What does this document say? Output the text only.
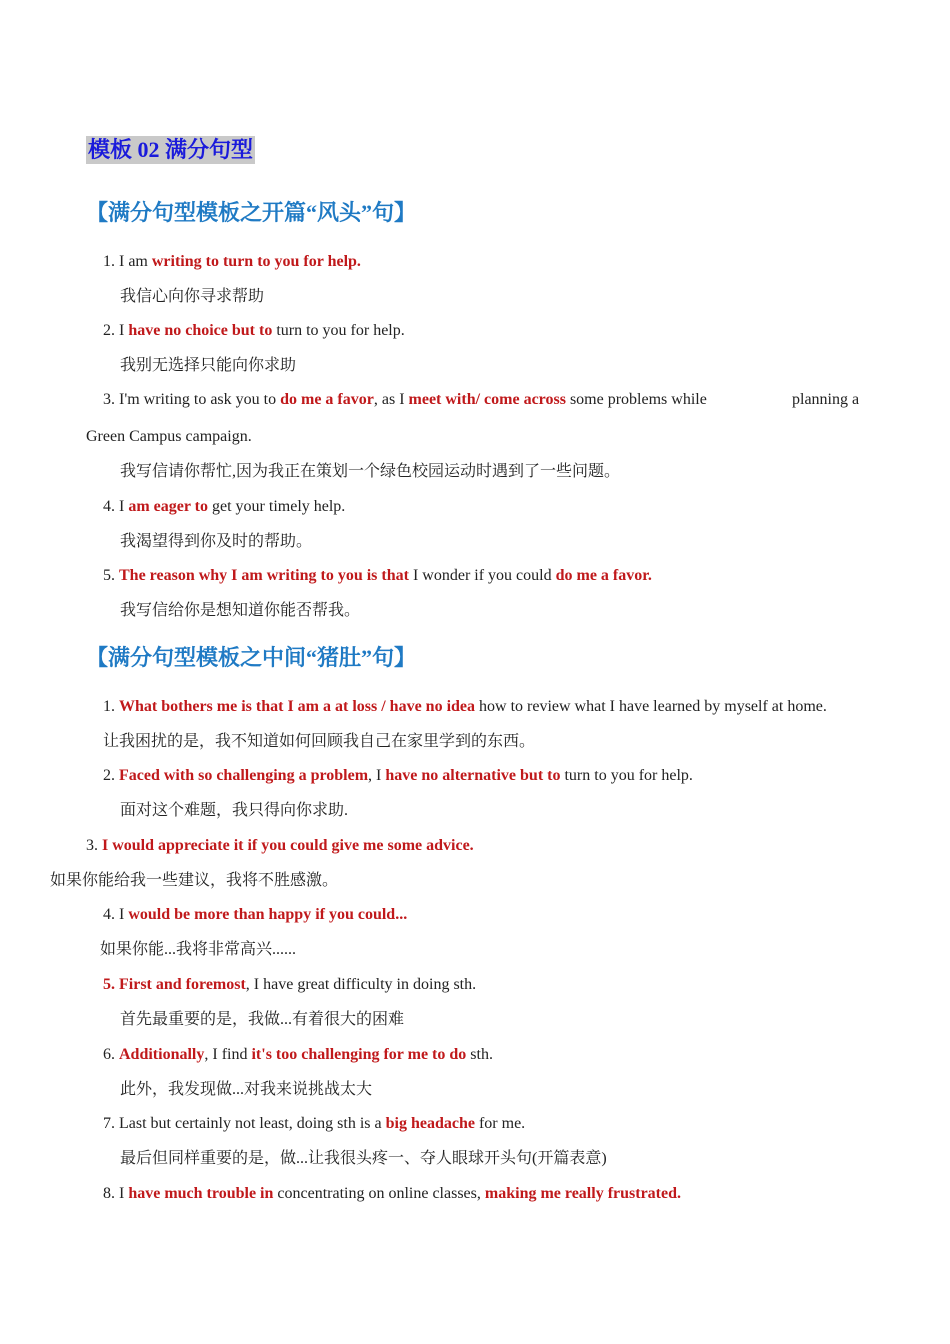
模板 02 满分句型
【满分句型模板之开篇“风头”句】
1. I am writing to turn to you for help.
我信心向你寻求帮助
2. I have no choice but to turn to you for help.
我别无选择只能向你求助
3. I'm writing to ask you to do me a favor, as I meet with/ come across some problems while	planning a
Green Campus campaign.
我写信请你帮忙,因为我正在策划一个绿色校园运动时遇到了一些问题。
4. I am eager to get your timely help.
我渴望得到你及时的帮助。
5. The reason why I am writing to you is that I wonder if you could do me a favor.
我写信给你是想知道你能否帮我。
【满分句型模板之中间“猪肚”句】
1. What bothers me is that I am a at loss / have no idea how to review what I have learned by myself at home.
让我困扰的是，我不知道如何回顾我自己在家里学到的东西。
2. Faced with so challenging a problem, I have no alternative but to turn to you for help.
面对这个难题，我只得向你求助.
3. I would appreciate it if you could give me some advice.
如果你能给我一些建议，我将不胜感激。
4. I would be more than happy if you could...
如果你能...我将非常高兴......
5. First and foremost, I have great difficulty in doing sth.
首先最重要的是，我做...有着很大的困难
6. Additionally, I find it's too challenging for me to do sth.
此外，我发现做...对我来说挑战太大
7. Last but certainly not least, doing sth is a big headache for me.
最后但同样重要的是，做...让我很头疼一、夺人眼球开头句(开篇表意)
8. I have much trouble in concentrating on online classes, making me really frustrated.
